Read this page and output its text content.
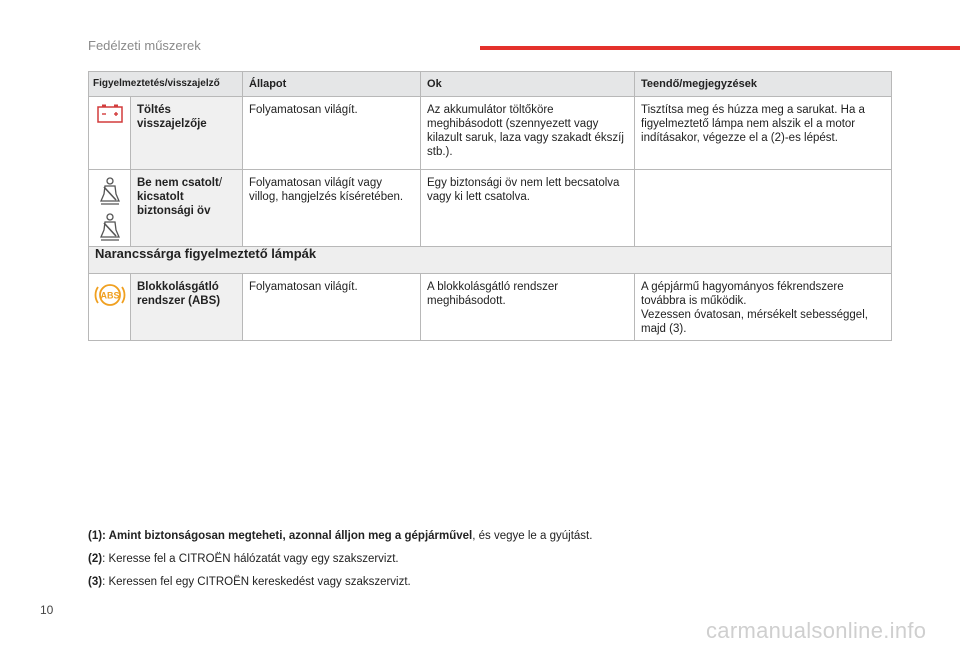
Fedélzeti műszerek
Figyelmeztetés/visszajelző		Állapot	Ok	Teendő/megjegyzések

	Töltés visszajelzője	Folyamatosan világít.	Az akkumulátor töltőköre meghibásodott (szennyezett vagy kilazult saruk, laza vagy szakadt ékszíj stb.).	Tisztítsa meg és húzza meg a sarukat. Ha a figyelmeztető lámpa nem alszik el a motor indításakor, végezze el a (2)-es lépést.

	Be nem csatolt/ kicsatolt biztonsági öv	Folyamatosan világít vagy villog, hangjelzés kíséretében.	Egy biztonsági öv nem lett becsatolva vagy ki lett csatolva.	
Narancssárga figyelmeztető lámpák				

ABS	Blokkolásgátló rendszer (ABS)	Folyamatosan világít.	A blokkolásgátló rendszer meghibásodott.	A gépjármű hagyományos fékrendszere továbbra is működik.
Vezessen óvatosan, mérsékelt sebességgel, majd (3).

(1): Amint biztonságosan megteheti, azonnal álljon meg a gépjárművel, és vegye le a gyújtást.

(2): Keresse fel a CITROËN hálózatát vagy egy szakszervizt.

(3): Keressen fel egy CITROËN kereskedést vagy szakszervizt.

10
carmanualsonline.info
